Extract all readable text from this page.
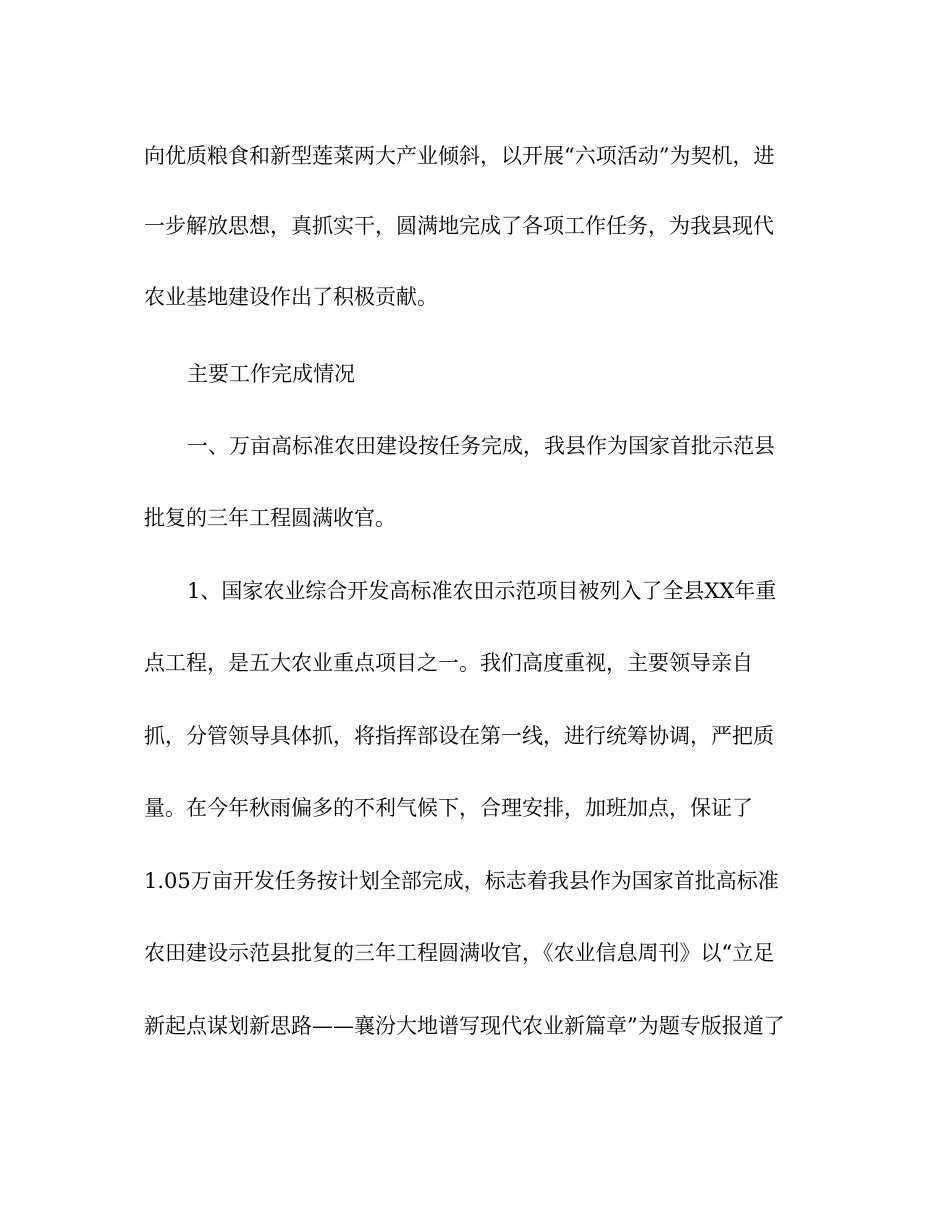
向优质粮食和新型莲菜两大产业倾斜，以开展“六项活动”为契机，进
一步解放思想，真抓实干，圆满地完成了各项工作任务，为我县现代
农业基地建设作出了积极贡献。
主要工作完成情况
一、万亩高标准农田建设按任务完成，我县作为国家首批示范县
批复的三年工程圆满收官。
1、国家农业综合开发高标准农田示范项目被列入了全县XX年重
点工程，是五大农业重点项目之一。我们高度重视，主要领导亲自
抓，分管领导具体抓，将指挥部设在第一线，进行统筹协调，严把质
量。在今年秋雨偏多的不利气候下，合理安排，加班加点，保证了
1.05万亩开发任务按计划全部完成，标志着我县作为国家首批高标准
农田建设示范县批复的三年工程圆满收官，《农业信息周刊》以“立足
新起点谋划新思路——襄汾大地谱写现代农业新篇章”为题专版报道了
